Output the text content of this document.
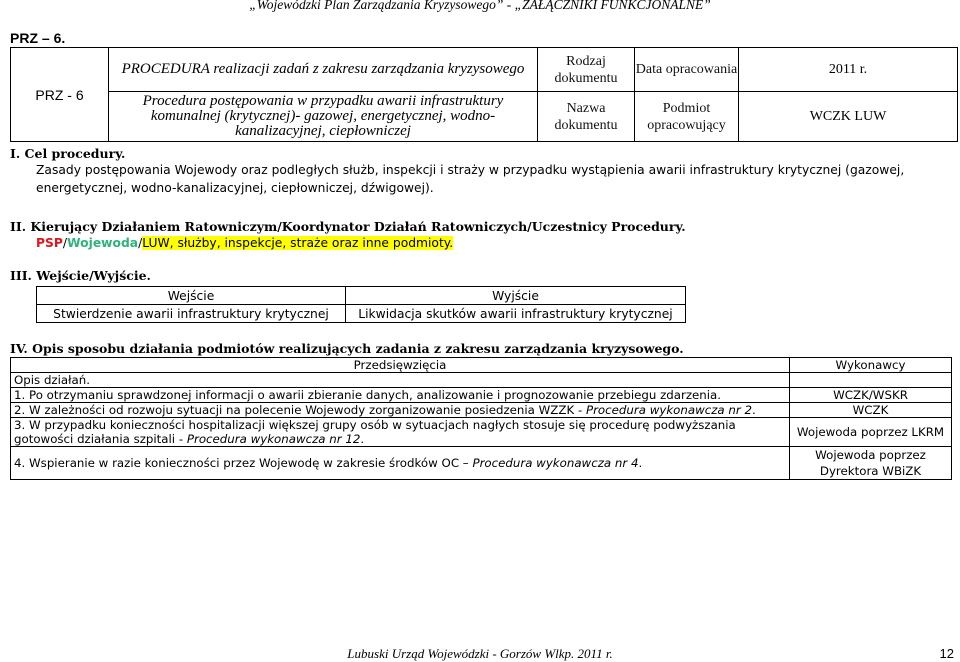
„Wojewódzki Plan Zarządzania Kryzysowego” - „ZAŁĄCZNIKI FUNKCJONALNE”
PRZ – 6.
PRZ - 6	PROCEDURA realizacji zadań z zakresu zarządzania kryzysowego	Rodzaj dokumentu	Data opracowania	2011 r.
	Procedura postępowania w przypadku awarii infrastruktury komunalnej (krytycznej)- gazowej, energetycznej, wodno-kanalizacyjnej, ciepłowniczej	Nazwa dokumentu	Podmiot opracowujący	WCZK LUW
I. Cel procedury.
Zasady postępowania Wojewody oraz podległych służb, inspekcji i straży w przypadku wystąpienia awarii infrastruktury krytycznej (gazowej, energetycznej, wodno-kanalizacyjnej, ciepłowniczej, dźwigowej).
II. Kierujący Działaniem Ratowniczym/Koordynator Działań Ratowniczych/Uczestnicy Procedury.
PSP/Wojewoda/LUW, służby, inspekcje, straże oraz inne podmioty.
III. Wejście/Wyjście.
Wejście	Wyjście
Stwierdzenie awarii infrastruktury krytycznej	Likwidacja skutków awarii infrastruktury krytycznej
IV. Opis sposobu działania podmiotów realizujących zadania z zakresu zarządzania kryzysowego.
Przedsięwzięcia	Wykonawcy
Opis działań.	
1. Po otrzymaniu sprawdzonej informacji o awarii zbieranie danych, analizowanie i prognozowanie przebiegu zdarzenia.	WCZK/WSKR
2. W zależności od rozwoju sytuacji na polecenie Wojewody zorganizowanie posiedzenia WZZK - Procedura wykonawcza nr 2.	WCZK
3. W przypadku konieczności hospitalizacji większej grupy osób w sytuacjach nagłych stosuje się procedurę podwyższania gotowości działania szpitali - Procedura wykonawcza nr 12.	Wojewoda poprzez LKRM
4. Wspieranie w razie konieczności przez Wojewodę w zakresie środków OC – Procedura wykonawcza nr 4.	Wojewoda poprzez Dyrektora WBiZK
Lubuski Urząd Wojewódzki - Gorzów Wlkp. 2011 r.	12
